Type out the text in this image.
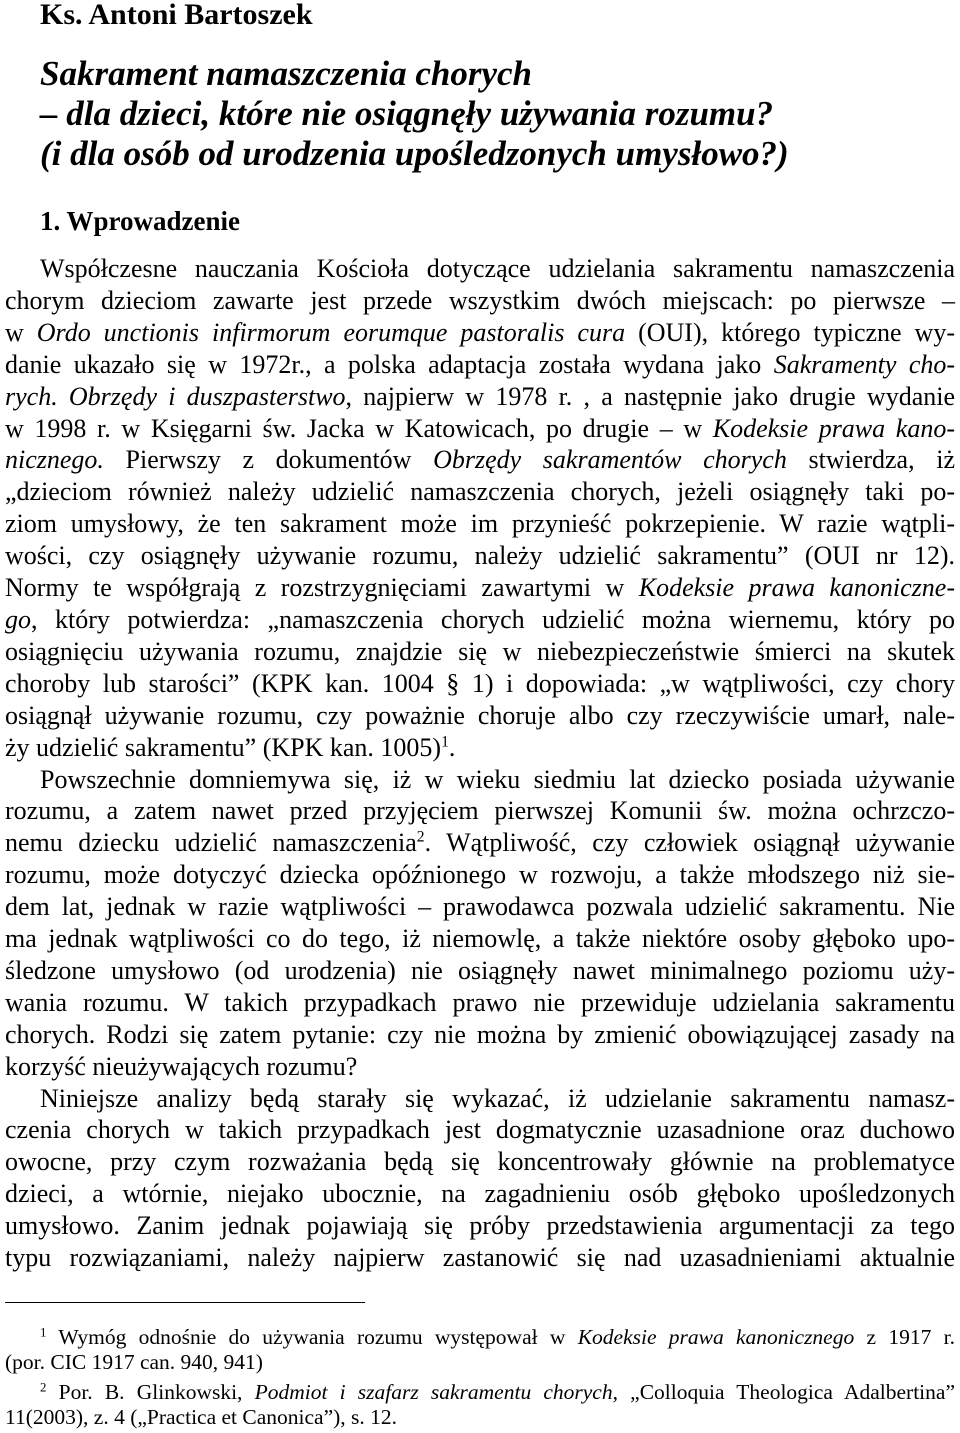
Ks. Antoni Bartoszek
Sakrament namaszczenia chorych
– dla dzieci, które nie osiągnęły używania rozumu?
(i dla osób od urodzenia upośledzonych umysłowo?)
1. Wprowadzenie
Współczesne nauczania Kościoła dotyczące udzielania sakramentu namaszczenia
chorym dzieciom zawarte jest przede wszystkim dwóch miejscach: po pierwsze –
w Ordo unctionis infirmorum eorumque pastoralis cura (OUI), którego typiczne wy-
danie ukazało się w 1972r., a polska adaptacja została wydana jako Sakramenty cho-
rych. Obrzędy i duszpasterstwo, najpierw w 1978 r. , a następnie jako drugie wydanie
w 1998 r. w Księgarni św. Jacka w Katowicach, po drugie – w Kodeksie prawa kano-
nicznego. Pierwszy z dokumentów Obrzędy sakramentów chorych stwierdza, iż
„dzieciom również należy udzielić namaszczenia chorych, jeżeli osiągnęły taki po-
ziom umysłowy, że ten sakrament może im przynieść pokrzepienie. W razie wątpli-
wości, czy osiągnęły używanie rozumu, należy udzielić sakramentu” (OUI nr 12).
Normy te współgrają z rozstrzygnięciami zawartymi w Kodeksie prawa kanoniczne-
go, który potwierdza: „namaszczenia chorych udzielić można wiernemu, który po
osiągnięciu używania rozumu, znajdzie się w niebezpieczeństwie śmierci na skutek
choroby lub starości” (KPK kan. 1004 § 1) i dopowiada: „w wątpliwości, czy chory
osiągnął używanie rozumu, czy poważnie choruje albo czy rzeczywiście umarł, nale-
ży udzielić sakramentu” (KPK kan. 1005)$^1$.
Powszechnie domniemywa się, iż w wieku siedmiu lat dziecko posiada używanie
rozumu, a zatem nawet przed przyjęciem pierwszej Komunii św. można ochrzczo-
nemu dziecku udzielić namaszczenia$^2$. Wątpliwość, czy człowiek osiągnął używanie
rozumu, może dotyczyć dziecka opóźnionego w rozwoju, a także młodszego niż sie-
dem lat, jednak w razie wątpliwości – prawodawca pozwala udzielić sakramentu. Nie
ma jednak wątpliwości co do tego, iż niemowlę, a także niektóre osoby głęboko upo-
śledzone umysłowo (od urodzenia) nie osiągnęły nawet minimalnego poziomu uży-
wania rozumu. W takich przypadkach prawo nie przewiduje udzielania sakramentu
chorych. Rodzi się zatem pytanie: czy nie można by zmienić obowiązującej zasady na
korzyść nieużywających rozumu?
Niniejsze analizy będą starały się wykazać, iż udzielanie sakramentu namasz-
czenia chorych w takich przypadkach jest dogmatycznie uzasadnione oraz duchowo
owocne, przy czym rozważania będą się koncentrowały głównie na problematyce
dzieci, a wtórnie, niejako ubocznie, na zagadnieniu osób głęboko upośledzonych
umysłowo. Zanim jednak pojawiają się próby przedstawienia argumentacji za tego
typu rozwiązaniami, należy najpierw zastanowić się nad uzasadnieniami aktualnie
$^1$ Wymóg odnośnie do używania rozumu występował w Kodeksie prawa kanonicznego z 1917 r.
(por. CIC 1917 can. 940, 941)
$^2$ Por. B. Glinkowski, Podmiot i szafarz sakramentu chorych, „Colloquia Theologica Adalbertina”
11(2003), z. 4 („Practica et Canonica”), s. 12.
